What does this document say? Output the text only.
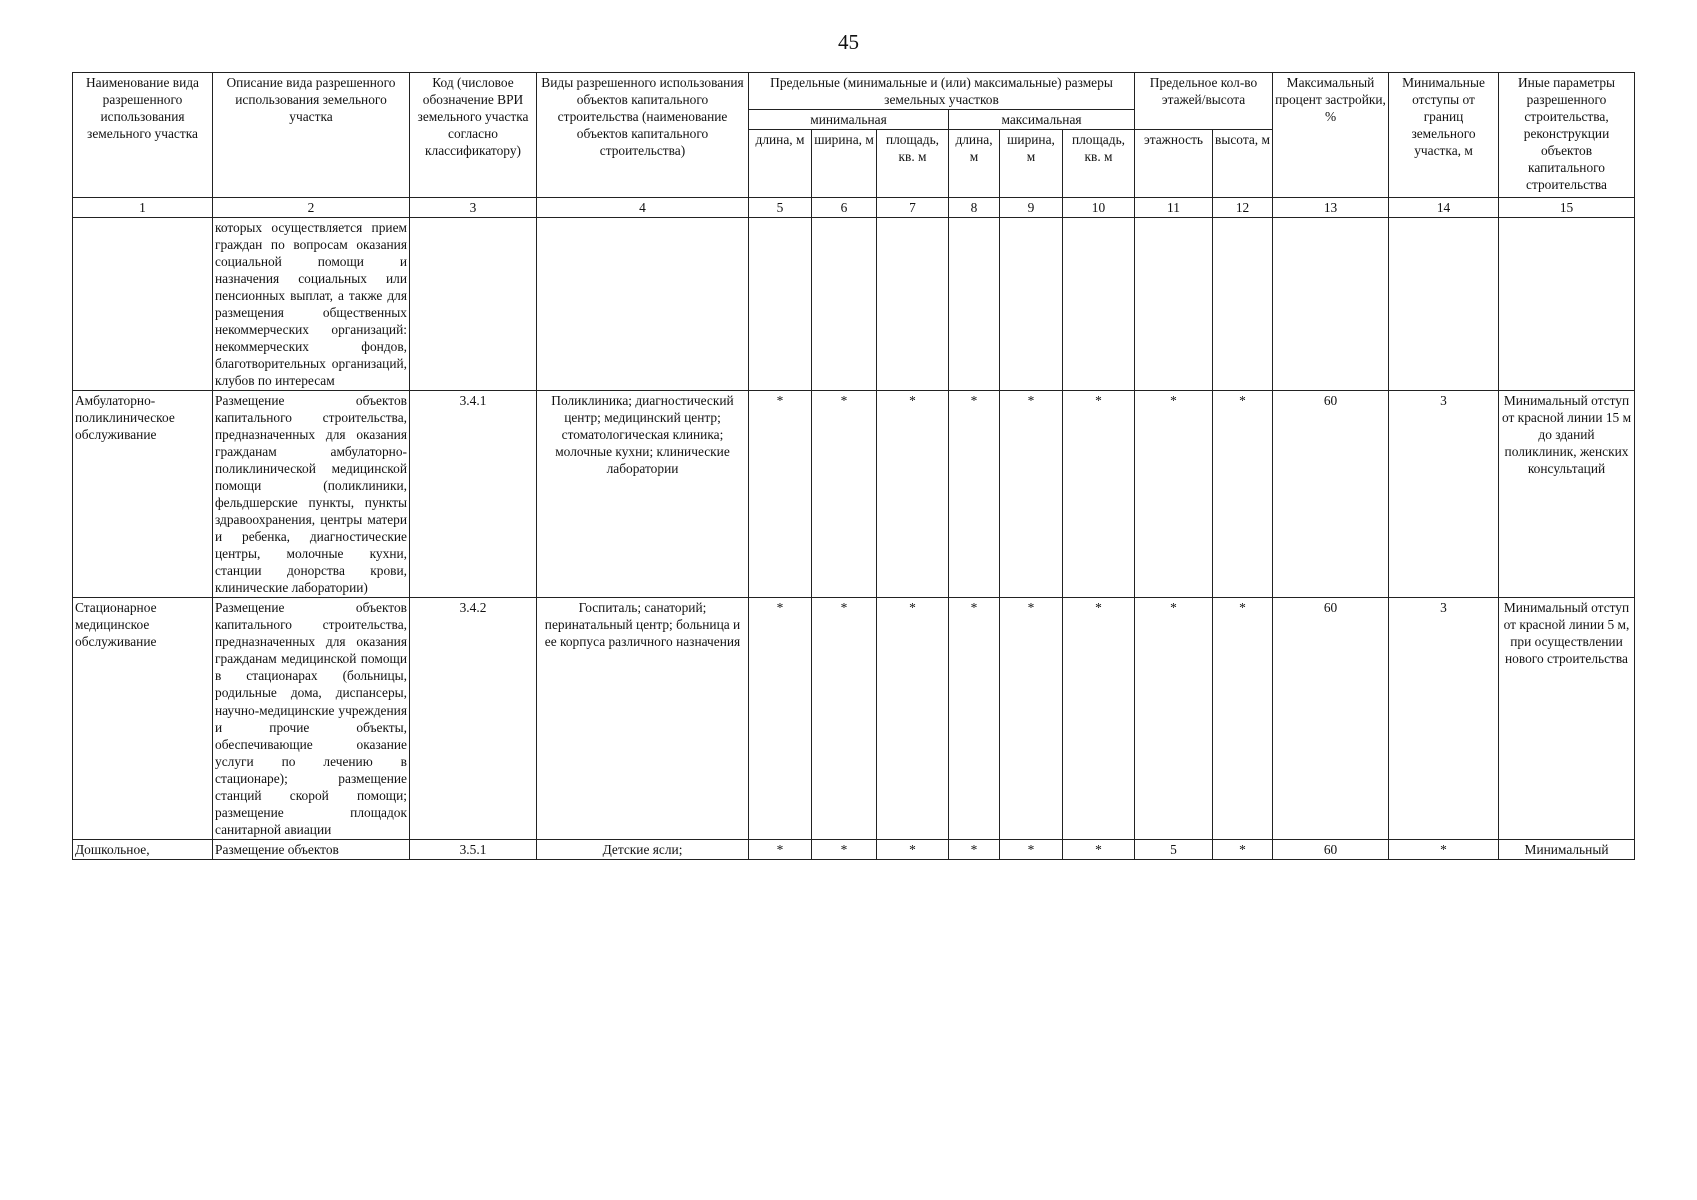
45
Наименование вида разрешенного использования земельного участка	Описание вида разрешенного использования земельного участка	Код (числовое обозначение ВРИ земельного участка согласно классификатору)	Виды разрешенного использования объектов капитального строительства (наименование объектов капитального строительства)	Предельные (минимальные и (или) максимальные) размеры земельных участков						Предельное кол-во этажей/высота		Максимальный процент застройки, %	Минимальные отступы от границ земельного участка, м	Иные параметры разрешенного строительства, реконструкции объектов капитального строительства
				минимальная			максимальная							
				длина, м	ширина, м	площадь, кв. м	длина, м	ширина, м	площадь, кв. м	этажность	высота, м			
1	2	3	4	5	6	7	8	9	10	11	12	13	14	15
	которых осуществляется прием граждан по вопросам оказания социальной помощи и назначения социальных или пенсионных выплат, а также для размещения общественных некоммерческих организаций: некоммерческих фондов, благотворительных организаций, клубов по интересам													
Амбулаторно-поликлиническое обслуживание	Размещение объектов капитального строительства, предназначенных для оказания гражданам амбулаторно-поликлинической медицинской помощи (поликлиники, фельдшерские пункты, пункты здравоохранения, центры матери и ребенка, диагностические центры, молочные кухни, станции донорства крови, клинические лаборатории)	3.4.1	Поликлиника; диагностический центр; медицинский центр; стоматологическая клиника; молочные кухни; клинические лаборатории	*	*	*	*	*	*	*	*	60	3	Минимальный отступ от красной линии 15 м до зданий поликлиник, женских консультаций
Стационарное медицинское обслуживание	Размещение объектов капитального строительства, предназначенных для оказания гражданам медицинской помощи в стационарах (больницы, родильные дома, диспансеры, научно-медицинские учреждения и прочие объекты, обеспечивающие оказание услуги по лечению в стационаре); размещение станций скорой помощи; размещение площадок санитарной авиации	3.4.2	Госпиталь; санаторий; перинатальный центр; больница и ее корпуса различного назначения	*	*	*	*	*	*	*	*	60	3	Минимальный отступ от красной линии 5 м, при осуществлении нового строительства
Дошкольное,	Размещение объектов	3.5.1	Детские ясли;	*	*	*	*	*	*	5	*	60	*	Минимальный
